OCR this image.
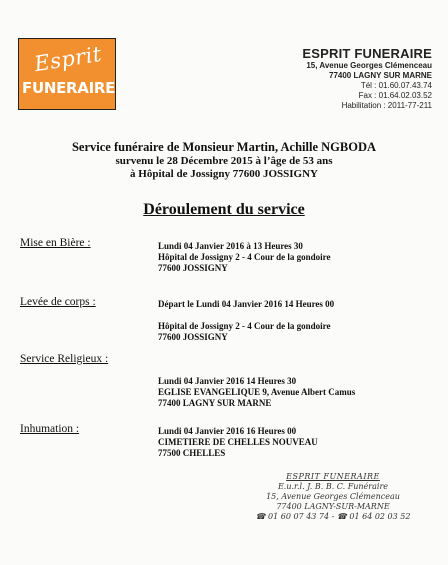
Esprit
FUNERAIRE
ESPRIT FUNERAIRE
15, Avenue Georges Clémenceau
77400 LAGNY SUR MARNE
Tél : 01.60.07.43.74
Fax : 01.64.02.03.52
Habilitation : 2011-77-211
Service funéraire de Monsieur Martin, Achille NGBODA
survenu le 28 Décembre 2015 à l’âge de 53 ans
à Hôpital de Jossigny 77600 JOSSIGNY
Déroulement du service
Mise en Bière :	Lundi 04 Janvier 2016 à 13 Heures 30
Hôpital de Jossigny 2 - 4 Cour de la gondoire
77600 JOSSIGNY
Levée de corps :	Départ le Lundi 04 Janvier 2016 14 Heures 00
Hôpital de Jossigny 2 - 4 Cour de la gondoire
77600 JOSSIGNY
Service Religieux :
Lundi 04 Janvier 2016 14 Heures 30
EGLISE EVANGELIQUE 9, Avenue Albert Camus
77400 LAGNY SUR MARNE
Inhumation :	Lundi 04 Janvier 2016 16 Heures 00
CIMETIERE DE CHELLES NOUVEAU
77500 CHELLES
ESPRIT FUNERAIRE
E.u.r.l. J. B. B. C. Funéraire
15, Avenue Georges Clémenceau
77400 LAGNY-SUR-MARNE
☎ 01 60 07 43 74 - ☎ 01 64 02 03 52
